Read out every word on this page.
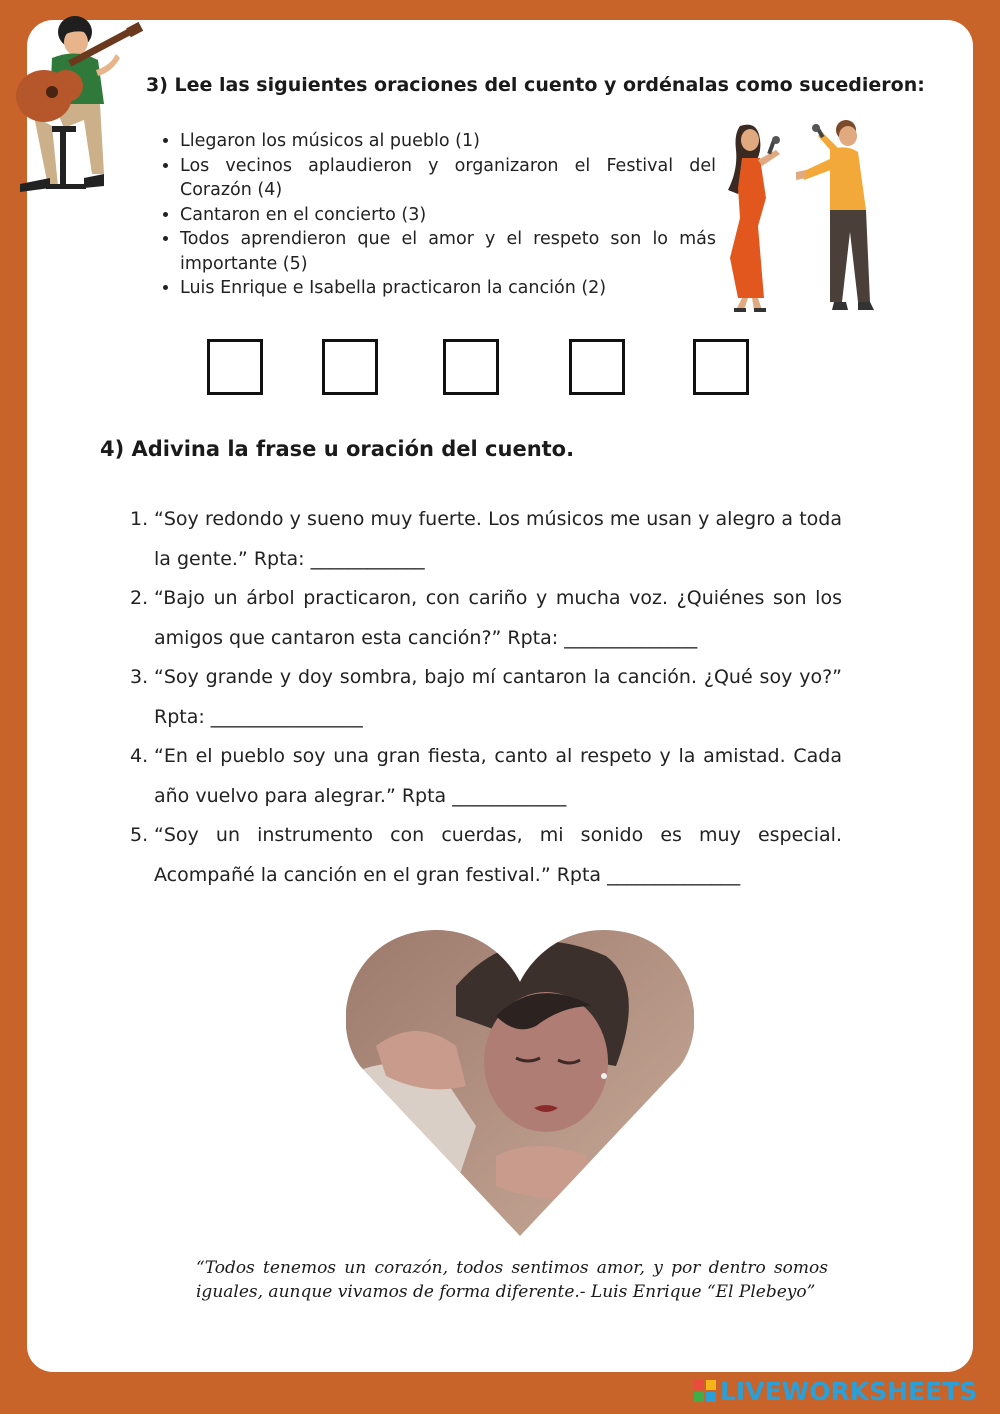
3) Lee las siguientes oraciones del cuento y ordénalas como sucedieron:
• Llegaron los músicos al pueblo (1)
• Los vecinos aplaudieron y organizaron el Festival del Corazón (4)
• Cantaron en el concierto (3)
• Todos aprendieron que el amor y el respeto son lo más importante (5)
• Luis Enrique e Isabella practicaron la canción (2)
4) Adivina la frase u oración del cuento.
1. “Soy redondo y sueno muy fuerte. Los músicos me usan y alegro a toda la gente.” Rpta: ____________
2. “Bajo un árbol practicaron, con cariño y mucha voz. ¿Quiénes son los amigos que cantaron esta canción?” Rpta: ______________
3. “Soy grande y doy sombra, bajo mí cantaron la canción. ¿Qué soy yo?” Rpta: ________________
4. “En el pueblo soy una gran fiesta, canto al respeto y la amistad. Cada año vuelvo para alegrar.” Rpta ____________
5. “Soy un instrumento con cuerdas, mi sonido es muy especial. Acompañé la canción en el gran festival.” Rpta ______________
“Todos tenemos un corazón, todos sentimos amor, y por dentro somos iguales, aunque vivamos de forma diferente.- Luis Enrique “El Plebeyo”
LIVEWORKSHEETS
